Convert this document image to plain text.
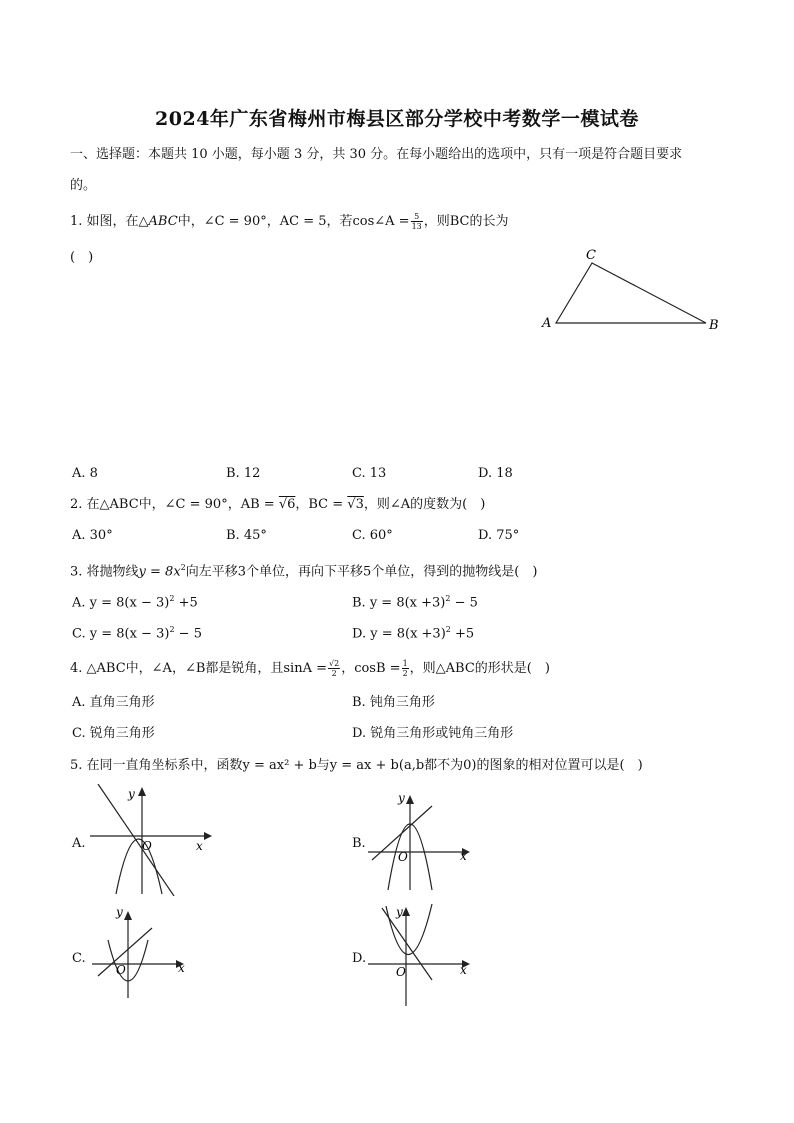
2024年广东省梅州市梅县区部分学校中考数学一模试卷
一、选择题：本题共 10 小题，每小题 3 分，共 30 分。在每小题给出的选项中，只有一项是符合题目要求
的。
1. 如图，在△ABC中，∠C = 90°，AC = 5，若cos∠A = $\frac{5}{13}$ ，则BC的长为
(　)
A
C
B
A. 8	B. 12	C. 13	D. 18
2. 在△ABC中，∠C = 90°，AB = √6，BC = √3，则∠A的度数为(　)
A. 30°	B. 45°	C. 60°	D. 75°
3. 将抛物线$y = 8x^2$向左平移3个单位，再向下平移5个单位，得到的抛物线是(　)
A. $y = 8(x - 3)^2 +5$	B. $y = 8(x +3)^2 - 5$
C. $y = 8(x - 3)^2 - 5$	D. $y = 8(x +3)^2 +5$
4. △ABC中，∠A，∠B都是锐角，且$\sin A = \frac{√2}{2}$ ，$\cos B = \frac{1}{2}$ ，则△ABC的形状是(　)
A. 直角三角形	B. 钝角三角形
C. 锐角三角形	D. 锐角三角形或钝角三角形
5. 在同一直角坐标系中，函数y = ax² + b与y = ax + b(a,b都不为0)的图象的相对位置可以是(　)
A.
y
O	x	B.
y
O	x
C.
y
O	x
D.
y
O	x
